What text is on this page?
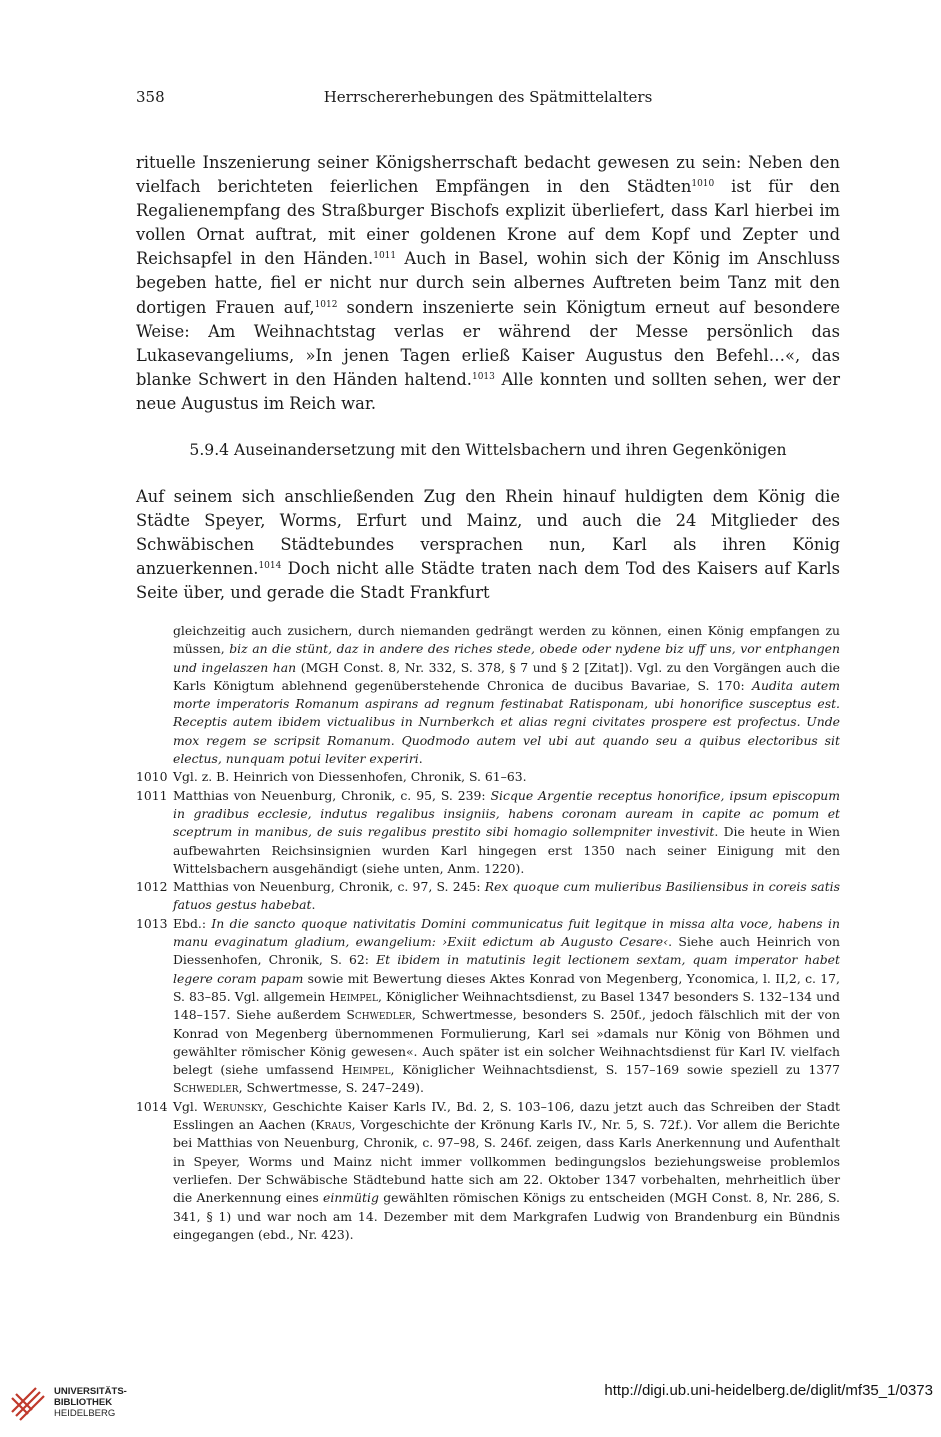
358	Herrschererhebungen des Spätmittelalters

rituelle Inszenierung seiner Königsherrschaft bedacht gewesen zu sein: Neben den vielfach berichteten feierlichen Empfängen in den Städten$^{1010}$ ist für den Regalienempfang des Straßburger Bischofs explizit überliefert, dass Karl hierbei im vollen Ornat auftrat, mit einer goldenen Krone auf dem Kopf und Zepter und Reichsapfel in den Händen.$^{1011}$ Auch in Basel, wohin sich der König im Anschluss begeben hatte, fiel er nicht nur durch sein albernes Auftreten beim Tanz mit den dortigen Frauen auf,$^{1012}$ sondern inszenierte sein Königtum erneut auf besondere Weise: Am Weihnachtstag verlas er während der Messe persönlich das Lukasevangeliums, »In jenen Tagen erließ Kaiser Augustus den Befehl…«, das blanke Schwert in den Händen haltend.$^{1013}$ Alle konnten und sollten sehen, wer der neue Augustus im Reich war.

5.9.4 Auseinandersetzung mit den Wittelsbachern und ihren Gegenkönigen

Auf seinem sich anschließenden Zug den Rhein hinauf huldigten dem König die Städte Speyer, Worms, Erfurt und Mainz, und auch die 24 Mitglieder des Schwäbischen Städtebundes versprachen nun, Karl als ihren König anzuerkennen.$^{1014}$ Doch nicht alle Städte traten nach dem Tod des Kaisers auf Karls Seite über, und gerade die Stadt Frankfurt

gleichzeitig auch zusichern, durch niemanden gedrängt werden zu können, einen König empfangen zu müssen, biz an die stünt, daz in andere des riches stede, obede oder nydene biz uff uns, vor entphangen und ingelaszen han (MGH Const. 8, Nr. 332, S. 378, § 7 und § 2 [Zitat]). Vgl. zu den Vorgängen auch die Karls Königtum ablehnend gegenüberstehende Chronica de ducibus Bavariae, S. 170: Audita autem morte imperatoris Romanum aspirans ad regnum festinabat Ratisponam, ubi honorifice susceptus est. Receptis autem ibidem victualibus in Nurnberkch et alias regni civitates prospere est profectus. Unde mox regem se scripsit Romanum. Quodmodo autem vel ubi aut quando seu a quibus electoribus sit electus, nunquam potui leviter experiri.
1010 Vgl. z. B. Heinrich von Diessenhofen, Chronik, S. 61–63.
1011 Matthias von Neuenburg, Chronik, c. 95, S. 239: Sicque Argentie receptus honorifice, ipsum episcopum in gradibus ecclesie, indutus regalibus insigniis, habens coronam auream in capite ac pomum et sceptrum in manibus, de suis regalibus prestito sibi homagio sollempniter investivit. Die heute in Wien aufbewahrten Reichsinsignien wurden Karl hingegen erst 1350 nach seiner Einigung mit den Wittelsbachern ausgehändigt (siehe unten, Anm. 1220).
1012 Matthias von Neuenburg, Chronik, c. 97, S. 245: Rex quoque cum mulieribus Basiliensibus in coreis satis fatuos gestus habebat.
1013 Ebd.: In die sancto quoque nativitatis Domini communicatus fuit legitque in missa alta voce, habens in manu evaginatum gladium, ewangelium: ›Exiit edictum ab Augusto Cesare‹. Siehe auch Heinrich von Diessenhofen, Chronik, S. 62: Et ibidem in matutinis legit lectionem sextam, quam imperator habet legere coram papam sowie mit Bewertung dieses Aktes Konrad von Megenberg, Yconomica, l. II,2, c. 17, S. 83–85. Vgl. allgemein Heimpel, Königlicher Weihnachtsdienst, zu Basel 1347 besonders S. 132–134 und 148–157. Siehe außerdem Schwedler, Schwertmesse, besonders S. 250f., jedoch fälschlich mit der von Konrad von Megenberg übernommenen Formulierung, Karl sei »damals nur König von Böhmen und gewählter römischer König gewesen«. Auch später ist ein solcher Weihnachtsdienst für Karl IV. vielfach belegt (siehe umfassend Heimpel, Königlicher Weihnachtsdienst, S. 157–169 sowie speziell zu 1377 Schwedler, Schwertmesse, S. 247–249).
1014 Vgl. Werunsky, Geschichte Kaiser Karls IV., Bd. 2, S. 103–106, dazu jetzt auch das Schreiben der Stadt Esslingen an Aachen (Kraus, Vorgeschichte der Krönung Karls IV., Nr. 5, S. 72f.). Vor allem die Berichte bei Matthias von Neuenburg, Chronik, c. 97–98, S. 246f. zeigen, dass Karls Anerkennung und Aufenthalt in Speyer, Worms und Mainz nicht immer vollkommen bedingungslos beziehungsweise problemlos verliefen. Der Schwäbische Städtebund hatte sich am 22. Oktober 1347 vorbehalten, mehrheitlich über die Anerkennung eines einmütig gewählten römischen Königs zu entscheiden (MGH Const. 8, Nr. 286, S. 341, § 1) und war noch am 14. Dezember mit dem Markgrafen Ludwig von Brandenburg ein Bündnis eingegangen (ebd., Nr. 423).
UNIVERSITÄTS-
BIBLIOTHEK
HEIDELBERG
http://digi.ub.uni-heidelberg.de/diglit/mf35_1/0373
